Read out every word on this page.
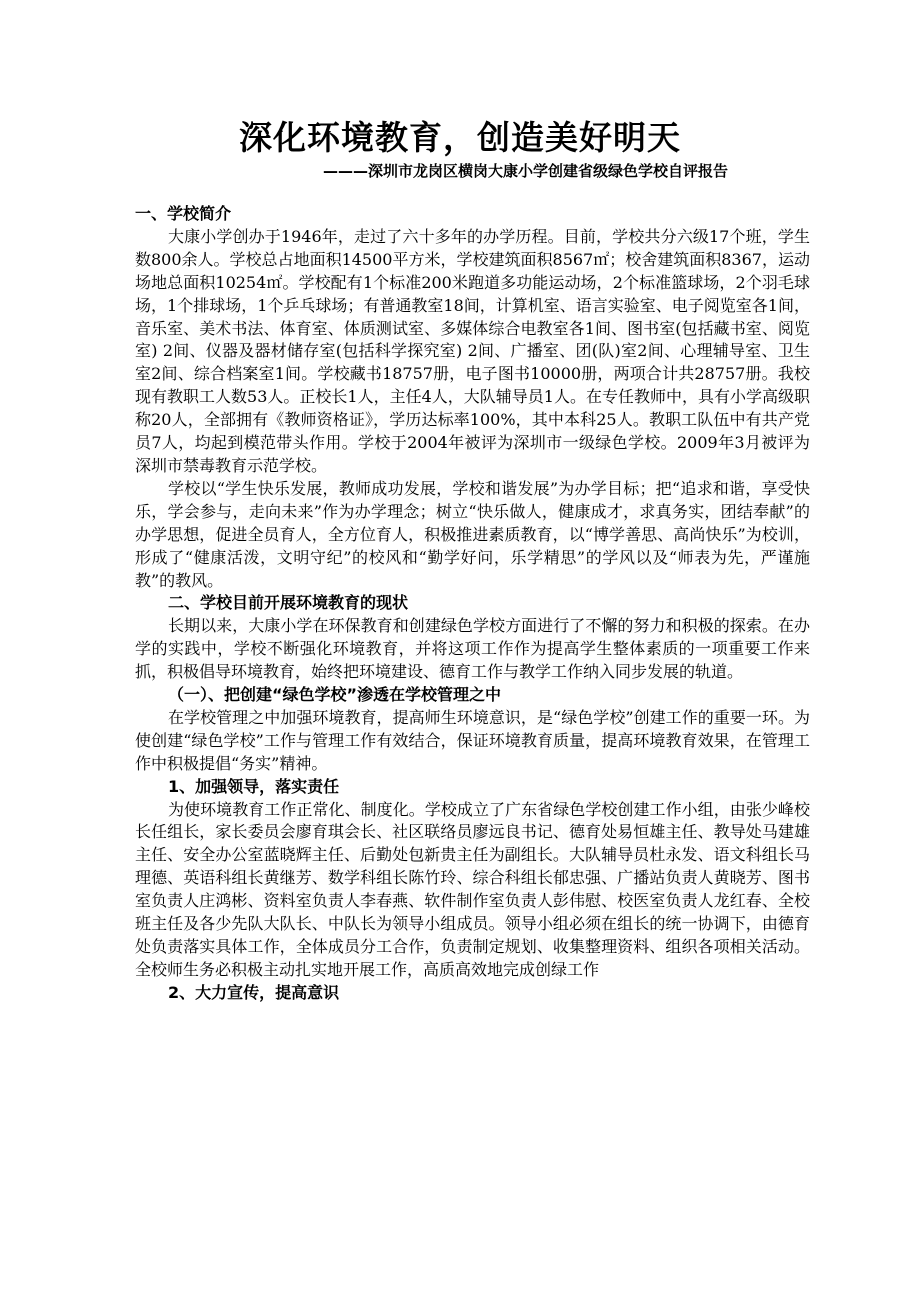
深化环境教育，创造美好明天
———深圳市龙岗区横岗大康小学创建省级绿色学校自评报告

一、学校简介

大康小学创办于1946年，走过了六十多年的办学历程。目前，学校共分六级17个班，学生数800余人。学校总占地面积14500平方米，学校建筑面积8567㎡；校舍建筑面积8367，运动场地总面积10254㎡。学校配有1个标准200米跑道多功能运动场，2个标准篮球场，2个羽毛球场，1个排球场，1个乒乓球场；有普通教室18间，计算机室、语言实验室、电子阅览室各1间，音乐室、美术书法、体育室、体质测试室、多媒体综合电教室各1间、图书室(包括藏书室、阅览室) 2间、仪器及器材储存室(包括科学探究室) 2间、广播室、团(队)室2间、心理辅导室、卫生室2间、综合档案室1间。学校藏书18757册，电子图书10000册，两项合计共28757册。我校现有教职工人数53人。正校长1人，主任4人，大队辅导员1人。在专任教师中，具有小学高级职称20人，全部拥有《教师资格证》，学历达标率100%，其中本科25人。教职工队伍中有共产党员7人，均起到模范带头作用。学校于2004年被评为深圳市一级绿色学校。2009年3月被评为深圳市禁毒教育示范学校。

学校以“学生快乐发展，教师成功发展，学校和谐发展”为办学目标；把“追求和谐，享受快乐，学会参与，走向未来”作为办学理念；树立“快乐做人，健康成才，求真务实，团结奉献”的办学思想，促进全员育人，全方位育人，积极推进素质教育，以“博学善思、高尚快乐”为校训，形成了“健康活泼，文明守纪”的校风和“勤学好问，乐学精思”的学风以及“师表为先，严谨施教”的教风。

二、学校目前开展环境教育的现状

长期以来，大康小学在环保教育和创建绿色学校方面进行了不懈的努力和积极的探索。在办学的实践中，学校不断强化环境教育，并将这项工作作为提高学生整体素质的一项重要工作来抓，积极倡导环境教育，始终把环境建设、德育工作与教学工作纳入同步发展的轨道。

（一）、把创建“绿色学校”渗透在学校管理之中

在学校管理之中加强环境教育，提高师生环境意识，是“绿色学校”创建工作的重要一环。为使创建“绿色学校”工作与管理工作有效结合，保证环境教育质量，提高环境教育效果，在管理工作中积极提倡“务实”精神。

1、加强领导，落实责任

为使环境教育工作正常化、制度化。学校成立了广东省绿色学校创建工作小组，由张少峰校长任组长，家长委员会廖育琪会长、社区联络员廖远良书记、德育处易恒雄主任、教导处马建雄主任、安全办公室蓝晓辉主任、后勤处包新贵主任为副组长。大队辅导员杜永发、语文科组长马理德、英语科组长黄继芳、数学科组长陈竹玲、综合科组长郁忠强、广播站负责人黄晓芳、图书室负责人庄鸿彬、资料室负责人李春燕、软件制作室负责人彭伟慰、校医室负责人龙红春、全校班主任及各少先队大队长、中队长为领导小组成员。领导小组必须在组长的统一协调下，由德育处负责落实具体工作，全体成员分工合作，负责制定规划、收集整理资料、组织各项相关活动。全校师生务必积极主动扎实地开展工作，高质高效地完成创绿工作

2、大力宣传，提高意识
